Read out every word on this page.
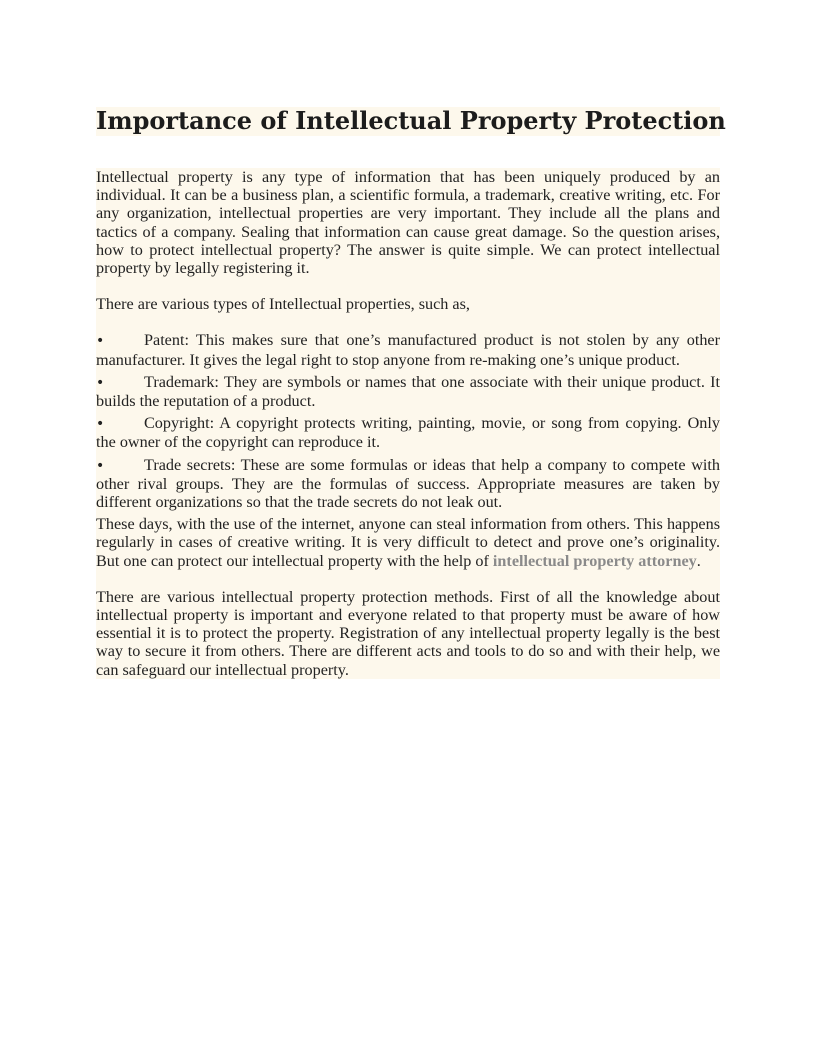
Importance of Intellectual Property Protection

Intellectual property is any type of information that has been uniquely produced by an individual. It can be a business plan, a scientific formula, a trademark, creative writing, etc. For any organization, intellectual properties are very important. They include all the plans and tactics of a company. Sealing that information can cause great damage. So the question arises, how to protect intellectual property? The answer is quite simple. We can protect intellectual property by legally registering it.

There are various types of Intellectual properties, such as,

• Patent: This makes sure that one’s manufactured product is not stolen by any other manufacturer. It gives the legal right to stop anyone from re-making one’s unique product.

• Trademark: They are symbols or names that one associate with their unique product. It builds the reputation of a product.

• Copyright: A copyright protects writing, painting, movie, or song from copying. Only the owner of the copyright can reproduce it.

• Trade secrets: These are some formulas or ideas that help a company to compete with other rival groups. They are the formulas of success. Appropriate measures are taken by different organizations so that the trade secrets do not leak out.

These days, with the use of the internet, anyone can steal information from others. This happens regularly in cases of creative writing. It is very difficult to detect and prove one’s originality. But one can protect our intellectual property with the help of intellectual property attorney.

There are various intellectual property protection methods. First of all the knowledge about intellectual property is important and everyone related to that property must be aware of how essential it is to protect the property. Registration of any intellectual property legally is the best way to secure it from others. There are different acts and tools to do so and with their help, we can safeguard our intellectual property.
